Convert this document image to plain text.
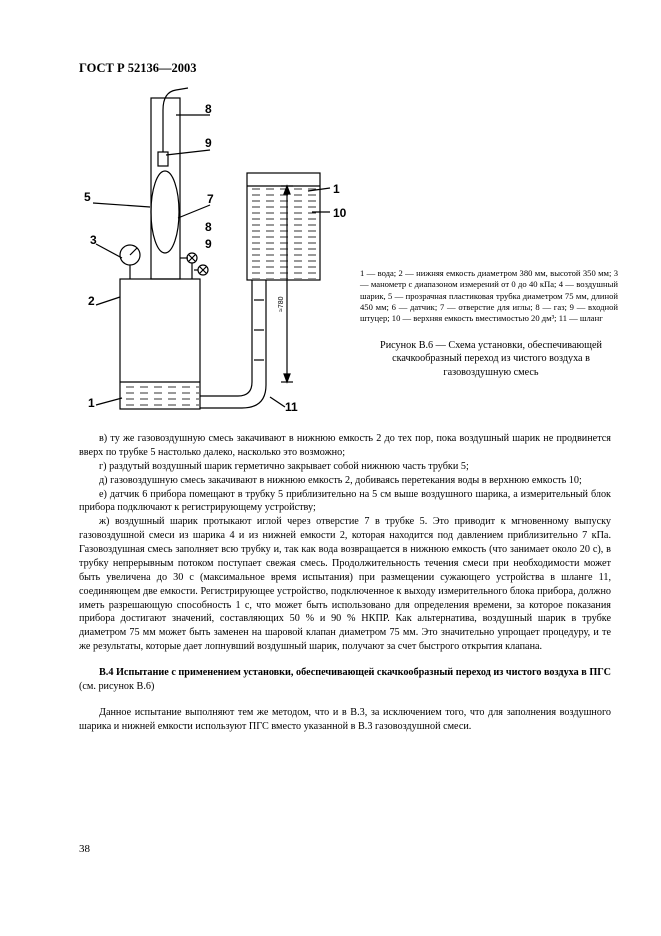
ГОСТ Р 52136—2003
8
9
5	7
8
9
3
2
1
1
10
11
≈780
1 — вода; 2 — нижняя емкость диаметром 380 мм, высотой 350 мм; 3 — манометр с диапазоном измерений от 0 до 40 кПа; 4 — воздушный шарик, 5 — прозрачная пластиковая трубка диаметром 75 мм, длиной 450 мм; 6 — датчик; 7 — отверстие для иглы; 8 — газ; 9 — входной штуцер; 10 — верхняя емкость вместимостью 20 дм³; 11 — шланг
Рисунок В.6 — Схема установки, обеспечивающей скачкообразный переход из чистого воздуха в газовоздушную смесь

в) ту же газовоздушную смесь закачивают в нижнюю емкость 2 до тех пор, пока воздушный шарик не продвинется вверх по трубке 5 настолько далеко, насколько это возможно;

г) раздутый воздушный шарик герметично закрывает собой нижнюю часть трубки 5;

д) газовоздушную смесь закачивают в нижнюю емкость 2, добиваясь перетекания воды в верхнюю емкость 10;

е) датчик 6 прибора помещают в трубку 5 приблизительно на 5 см выше воздушного шарика, а измерительный блок прибора подключают к регистрирующему устройству;

ж) воздушный шарик протыкают иглой через отверстие 7 в трубке 5. Это приводит к мгновенному выпуску газовоздушной смеси из шарика 4 и из нижней емкости 2, которая находится под давлением приблизительно 7 кПа. Газовоздушная смесь заполняет всю трубку и, так как вода возвращается в нижнюю емкость (что занимает около 20 с), в трубку непрерывным потоком поступает свежая смесь. Продолжительность течения смеси при необходимости может быть увеличена до 30 с (максимальное время испытания) при размещении сужающего устройства в шланге 11, соединяющем две емкости. Регистрирующее устройство, подключенное к выходу измерительного блока прибора, должно иметь разрешающую способность 1 с, что может быть использовано для определения времени, за которое показания прибора достигают значений, составляющих 50 % и 90 % НКПР. Как альтернатива, воздушный шарик в трубке диаметром 75 мм может быть заменен на шаровой клапан диаметром 75 мм. Это значительно упрощает процедуру, и те же результаты, которые дает лопнувший воздушный шарик, получают за счет быстрого открытия клапана.

В.4 Испытание с применением установки, обеспечивающей скачкообразный переход из чистого воздуха в ПГС (см. рисунок В.6)

Данное испытание выполняют тем же методом, что и в В.3, за исключением того, что для заполнения воздушного шарика и нижней емкости используют ПГС вместо указанной в В.3 газовоздушной смеси.

38
